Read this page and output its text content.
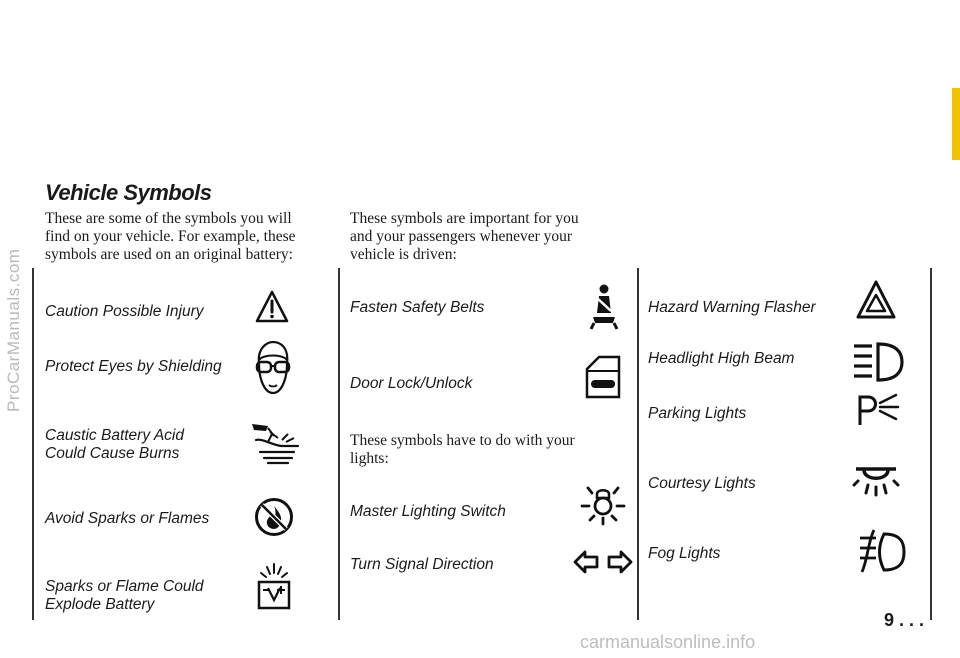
ProCarManuals.com
carmanualsonline.info
Vehicle Symbols
These are some of the symbols you will
find on your vehicle. For example, these
symbols are used on an original battery:
These symbols are important for you
and your passengers whenever your
vehicle is driven:
These symbols have to do with your
lights:
Caution Possible Injury
Protect Eyes by Shielding
Caustic Battery Acid
Could Cause Burns
Avoid Sparks or Flames
Sparks or Flame Could
Explode Battery
Fasten Safety Belts
Door Lock/Unlock
Master Lighting Switch
Turn Signal Direction
Hazard Warning Flasher
Headlight High Beam
Parking Lights
Courtesy Lights
Fog Lights
9 . . .
